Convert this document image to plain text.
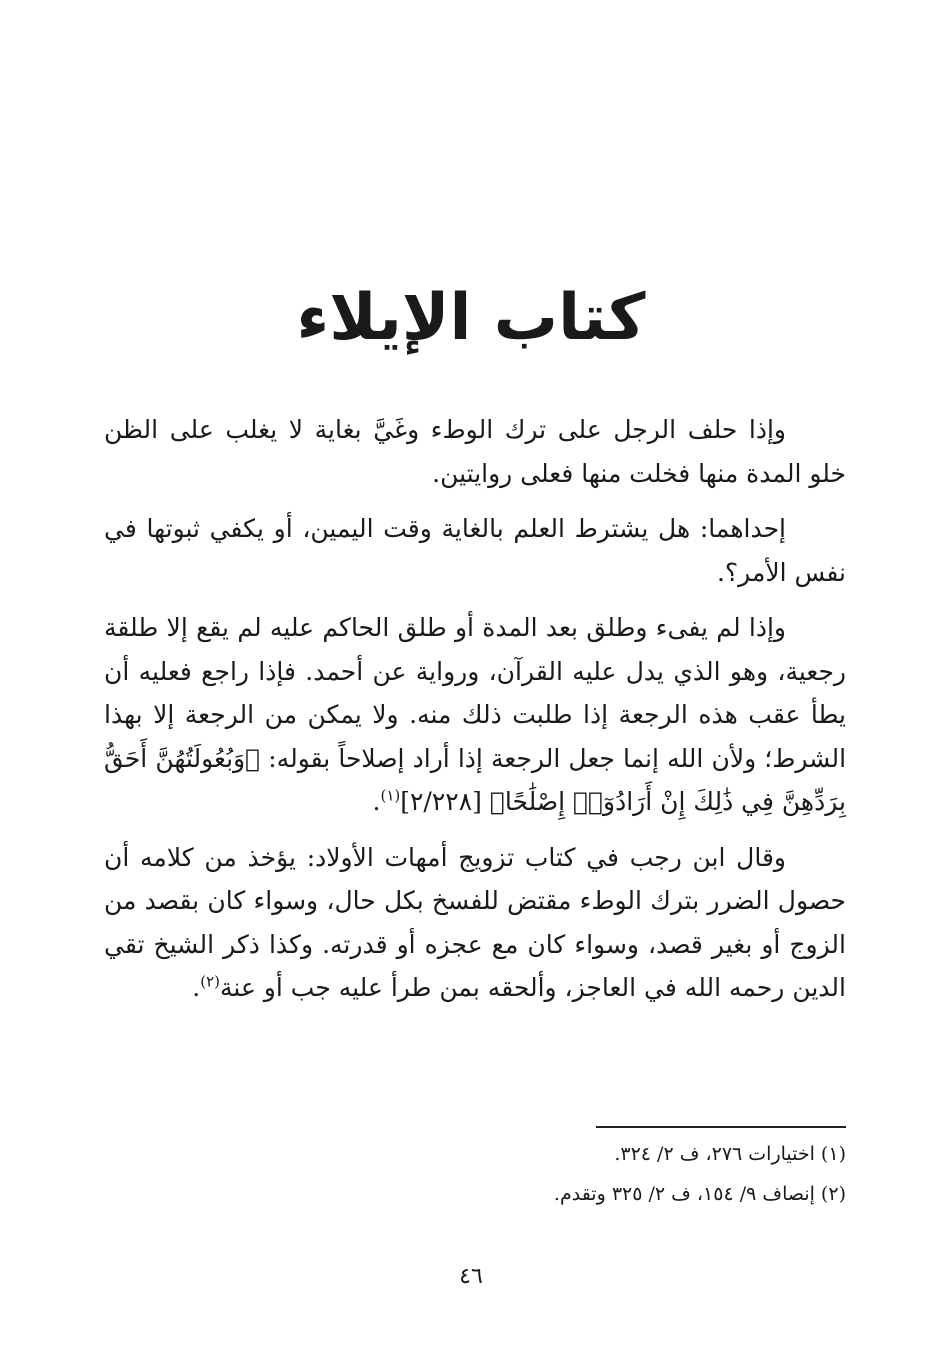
كتاب الإيلاء

وإذا حلف الرجل على ترك الوطء وغَيَّ بغاية لا يغلب على الظن خلو المدة منها فخلت منها فعلى روايتين.

إحداهما: هل يشترط العلم بالغاية وقت اليمين، أو يكفي ثبوتها في نفس الأمر؟.

وإذا لم يفىء وطلق بعد المدة أو طلق الحاكم عليه لم يقع إلا طلقة رجعية، وهو الذي يدل عليه القرآن، ورواية عن أحمد. فإذا راجع فعليه أن يطأ عقب هذه الرجعة إذا طلبت ذلك منه. ولا يمكن من الرجعة إلا بهذا الشرط؛ ولأن الله إنما جعل الرجعة إذا أراد إصلاحاً بقوله: ﴿وَبُعُولَتُهُنَّ أَحَقُّ بِرَدِّهِنَّ فِي ذَٰلِكَ إِنْ أَرَادُوٓا۟ إِصْلَٰحًا﴾ [٢/٢٢٨]$^{(١)}$.

وقال ابن رجب في كتاب تزويج أمهات الأولاد: يؤخذ من كلامه أن حصول الضرر بترك الوطء مقتض للفسخ بكل حال، وسواء كان بقصد من الزوج أو بغير قصد، وسواء كان مع عجزه أو قدرته. وكذا ذكر الشيخ تقي الدين رحمه الله في العاجز، وألحقه بمن طرأ عليه جب أو عنة$^{(٢)}$.

(١) اختيارات ٢٧٦، ف ٢/ ٣٢٤.

(٢) إنصاف ٩/ ١٥٤، ف ٢/ ٣٢٥ وتقدم.

٤٦
